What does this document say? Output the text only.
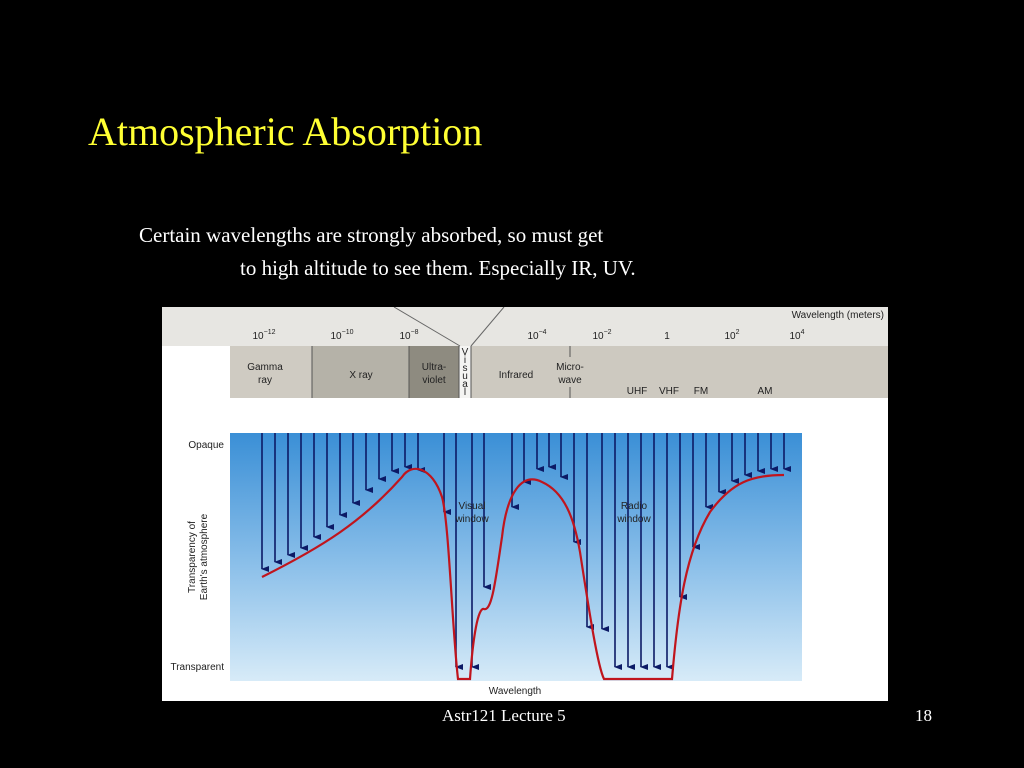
Atmospheric Absorption
Certain wavelengths are strongly absorbed, so must get
to high altitude to see them. Especially IR, UV.
Wavelength (meters)
$10^{-12}$	$10^{-10}$	$10^{-8}$	$10^{-4}$	$10^{-2}$	1	$10^2$	$10^4$
Gamma
ray	X ray
Ultra-
violet
V
i
s
u
a
l
Infrared
Micro-
wave
UHF VHF FM	AM
Opaque
Transparent
Transparency of Earth's atmosphere
Visual
window
Radio
window
Wavelength
Astr121 Lecture 5	18
